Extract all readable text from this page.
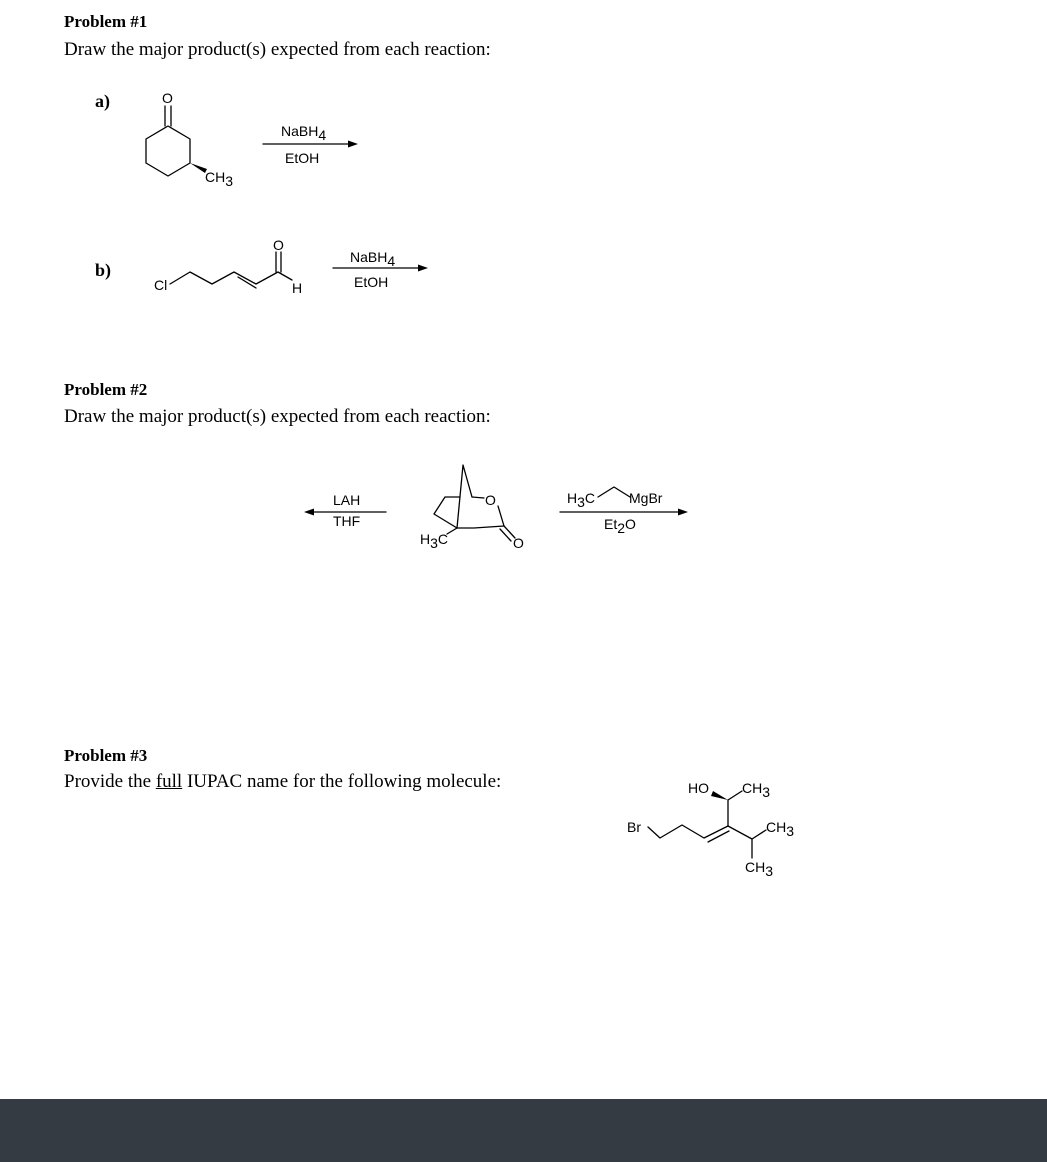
Problem #1
Draw the major product(s) expected from each reaction:
a)	O
CH3
NaBH4
EtOH
b)
Cl
O
H
NaBH4
EtOH
Problem #2
Draw the major product(s) expected from each reaction:
LAH
THF
O
O
H3C
H3C MgBr
Et2O
Problem #3
Provide the full IUPAC name for the following molecule:
Br
HO CH3
CH3
CH3
